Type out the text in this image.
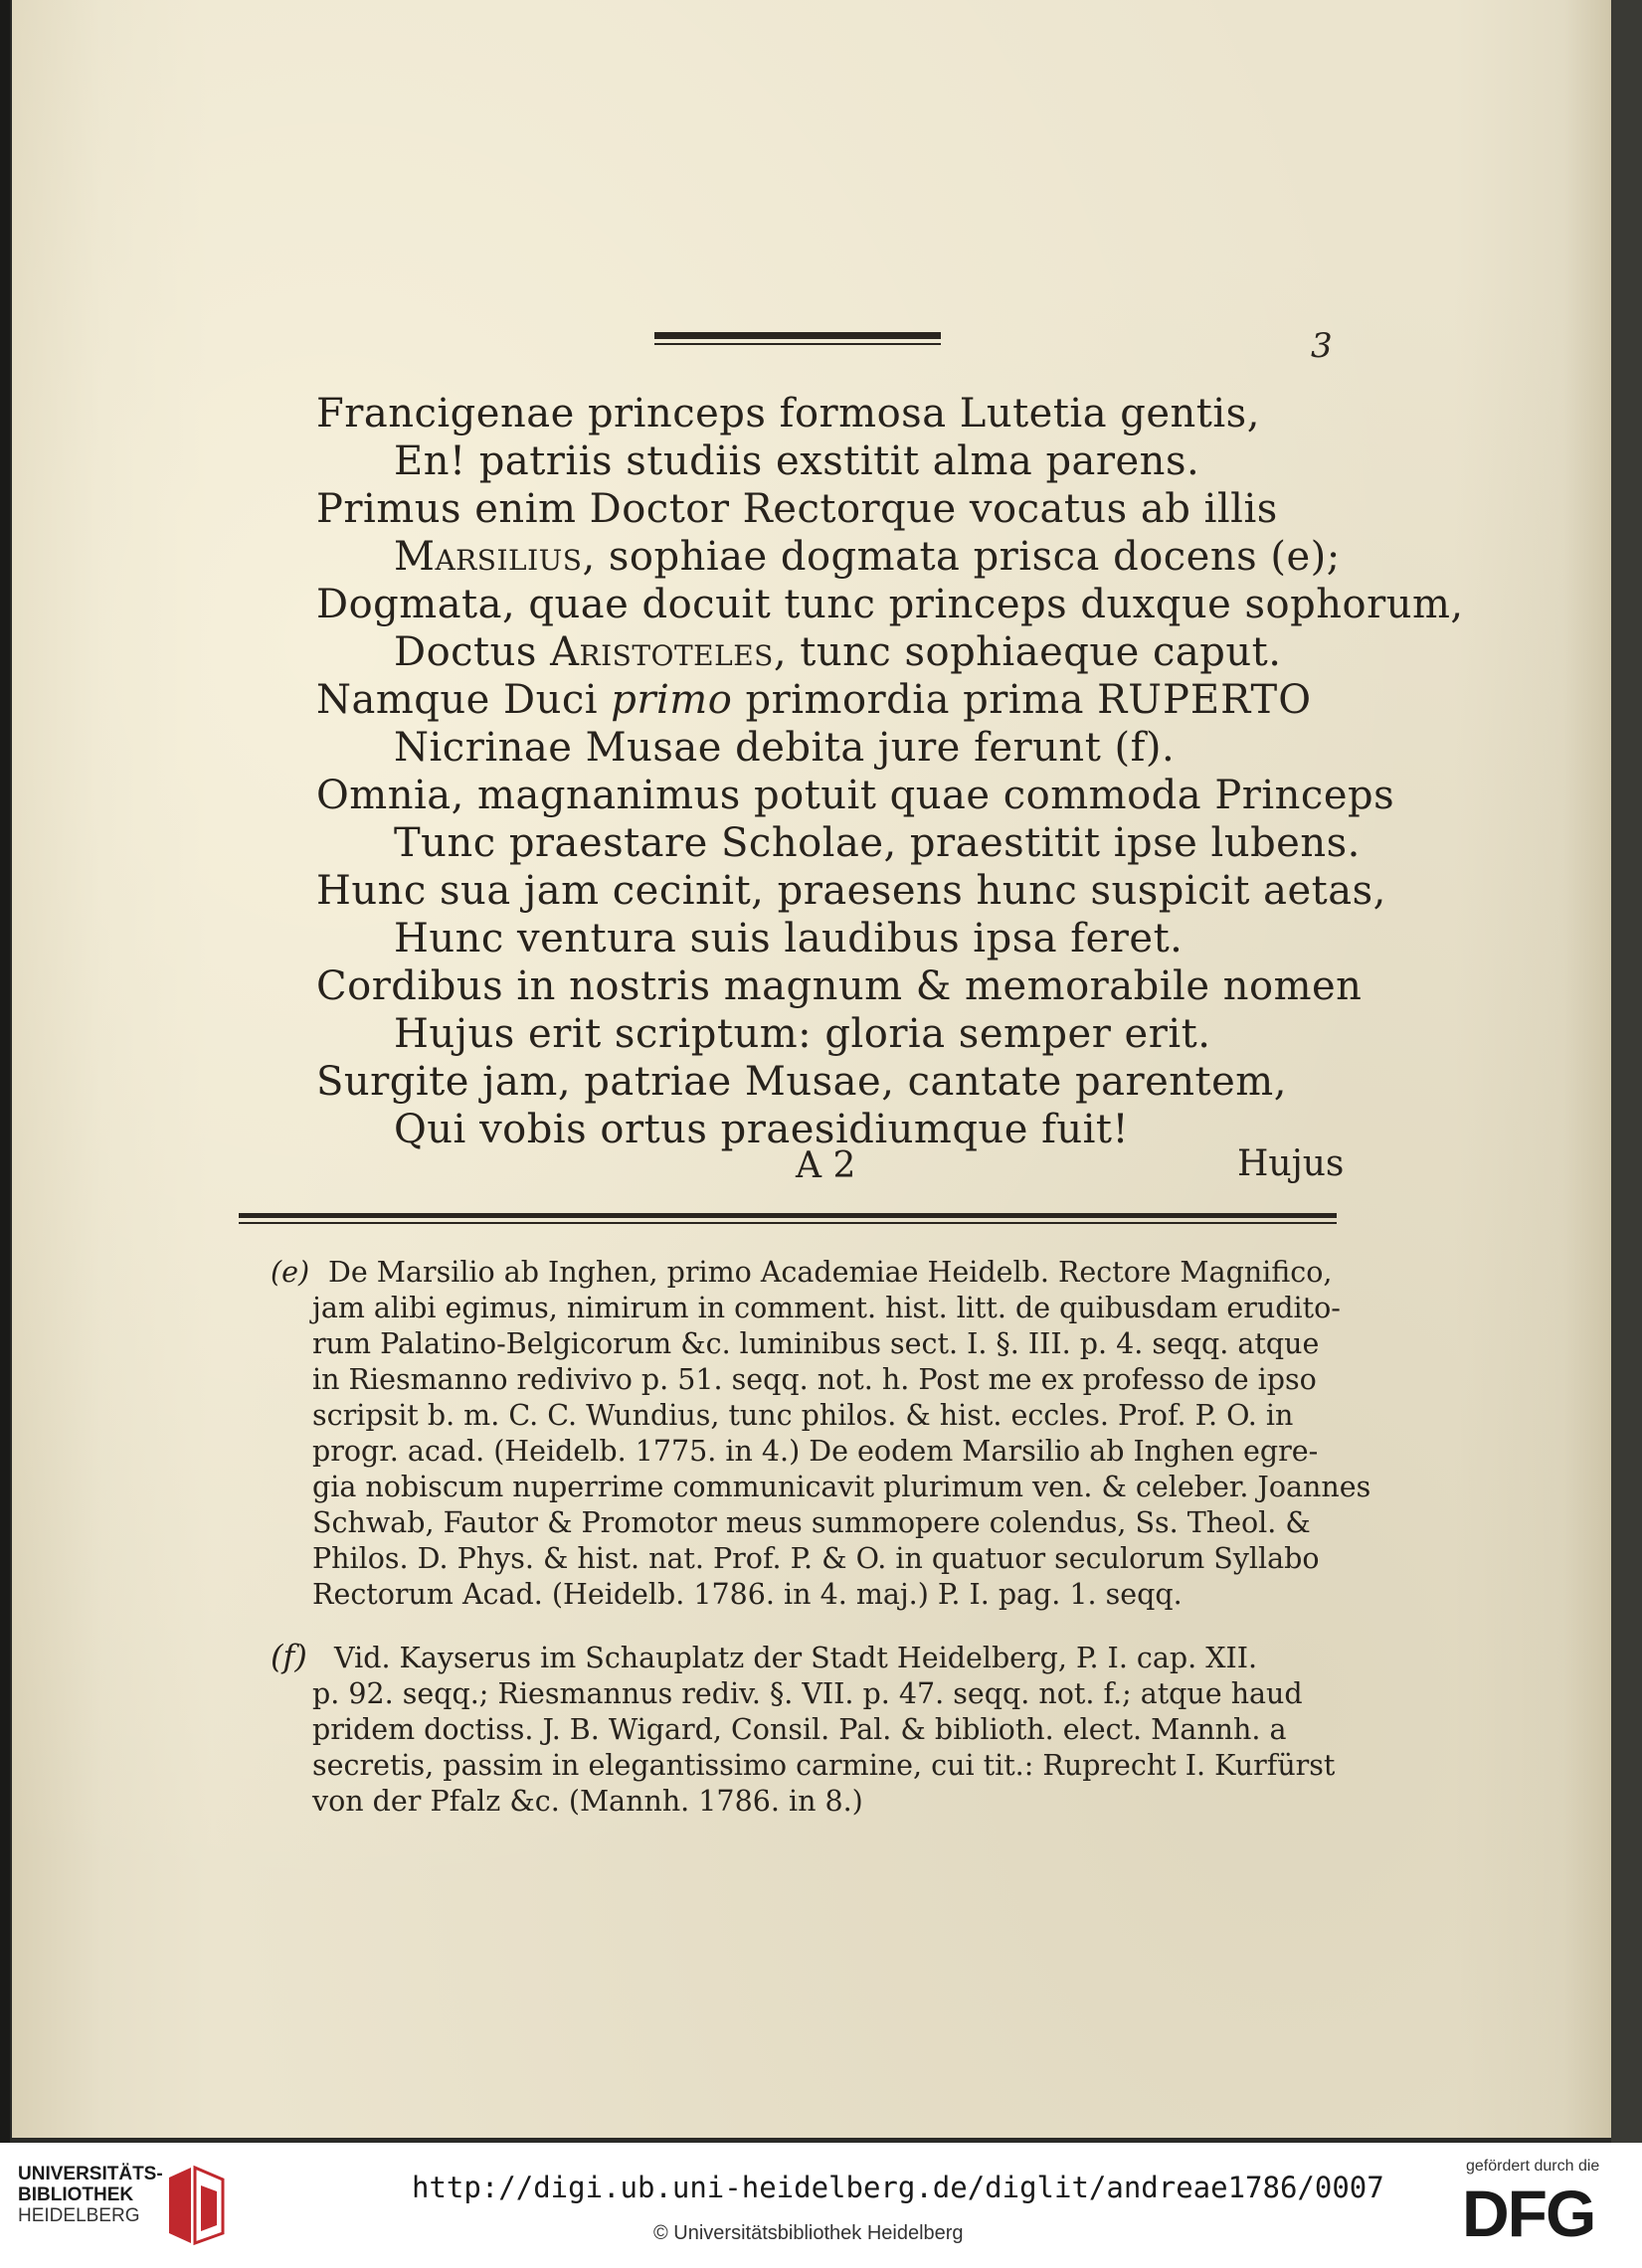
3
Francigenae princeps formosa Lutetia gentis,
En! patriis studiis exstitit alma parens.
Primus enim Doctor Rectorque vocatus ab illis
Marsilius, sophiae dogmata prisca docens (e);
Dogmata, quae docuit tunc princeps duxque sophorum,
Doctus Aristoteles, tunc sophiaeque caput.
Namque Duci primo primordia prima RUPERTO
Nicrinae Musae debita jure ferunt (f).
Omnia, magnanimus potuit quae commoda Princeps
Tunc praestare Scholae, praestitit ipse lubens.
Hunc sua jam cecinit, praesens hunc suspicit aetas,
Hunc ventura suis laudibus ipsa feret.
Cordibus in nostris magnum & memorabile nomen
Hujus erit scriptum: gloria semper erit.
Surgite jam, patriae Musae, cantate parentem,
Qui vobis ortus praesidiumque fuit!
A 2	Hujus
(e) De Marsilio ab Inghen, primo Academiae Heidelb. Rectore Magnifico,
jam alibi egimus, nimirum in comment. hist. litt. de quibusdam erudito-
rum Palatino-Belgicorum &c. luminibus sect. I. §. III. p. 4. seqq. atque
in Riesmanno redivivo p. 51. seqq. not. h. Post me ex professo de ipso
scripsit b. m. C. C. Wundius, tunc philos. & hist. eccles. Prof. P. O. in
progr. acad. (Heidelb. 1775. in 4.) De eodem Marsilio ab Inghen egre-
gia nobiscum nuperrime communicavit plurimum ven. & celeber. Joannes
Schwab, Fautor & Promotor meus summopere colendus, Ss. Theol. &
Philos. D. Phys. & hist. nat. Prof. P. & O. in quatuor seculorum Syllabo
Rectorum Acad. (Heidelb. 1786. in 4. maj.) P. I. pag. 1. seqq.
(f) Vid. Kayserus im Schauplatz der Stadt Heidelberg, P. I. cap. XII.
p. 92. seqq.; Riesmannus rediv. §. VII. p. 47. seqq. not. f.; atque haud
pridem doctiss. J. B. Wigard, Consil. Pal. & biblioth. elect. Mannh. a
secretis, passim in elegantissimo carmine, cui tit.: Ruprecht I. Kurfürst
von der Pfalz &c. (Mannh. 1786. in 8.)
UNIVERSITÄTS-
BIBLIOTHEK
HEIDELBERG
http://digi.ub.uni-heidelberg.de/diglit/andreae1786/0007
© Universitätsbibliothek Heidelberg
gefördert durch die
DFG
